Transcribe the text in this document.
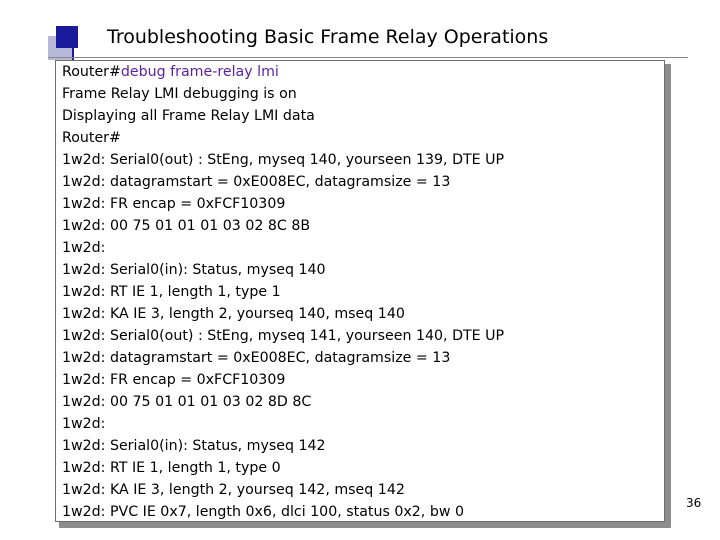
Troubleshooting Basic Frame Relay Operations
Router#debug frame-relay lmi
Frame Relay LMI debugging is on
Displaying all Frame Relay LMI data
Router#
1w2d: Serial0(out) : StEng, myseq 140, yourseen 139, DTE UP
1w2d: datagramstart = 0xE008EC, datagramsize = 13
1w2d: FR encap = 0xFCF10309
1w2d: 00 75 01 01 01 03 02 8C 8B
1w2d:
1w2d: Serial0(in): Status, myseq 140
1w2d: RT IE 1, length 1, type 1
1w2d: KA IE 3, length 2, yourseq 140, mseq 140
1w2d: Serial0(out) : StEng, myseq 141, yourseen 140, DTE UP
1w2d: datagramstart = 0xE008EC, datagramsize = 13
1w2d: FR encap = 0xFCF10309
1w2d: 00 75 01 01 01 03 02 8D 8C
1w2d:
1w2d: Serial0(in): Status, myseq 142
1w2d: RT IE 1, length 1, type 0
1w2d: KA IE 3, length 2, yourseq 142, mseq 142
1w2d: PVC IE 0x7, length 0x6, dlci 100, status 0x2, bw 0
36
